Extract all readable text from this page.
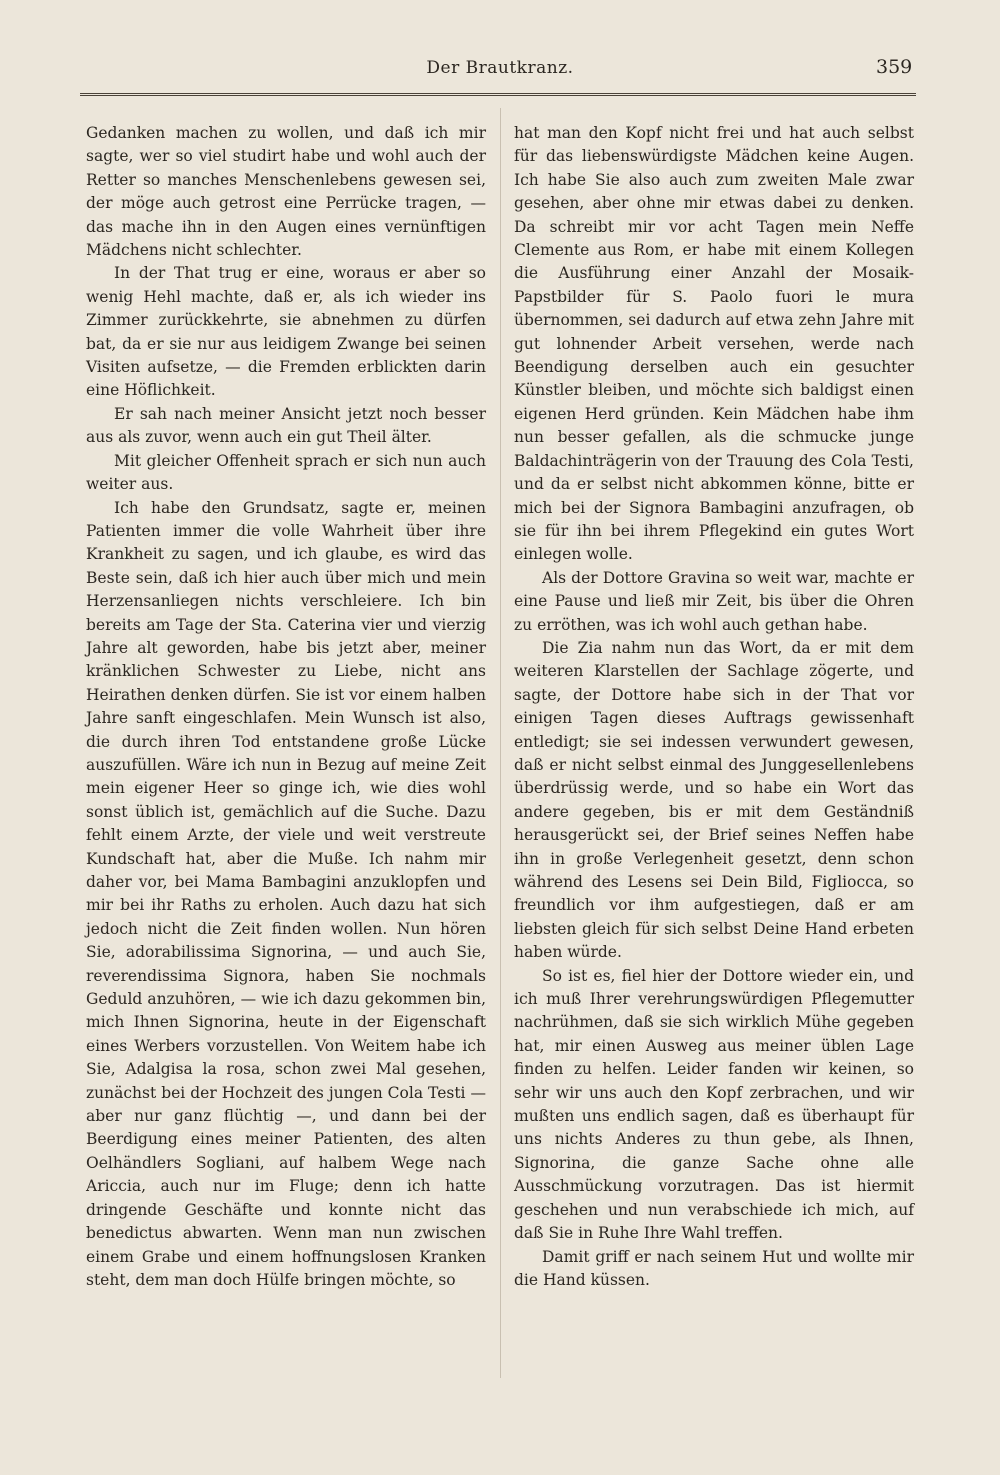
Der Brautkranz.	359

Gedanken machen zu wollen, und daß ich mir sagte, wer so viel studirt habe und wohl auch der Retter so manches Menschenlebens gewesen sei, der möge auch getrost eine Perrücke tragen, — das mache ihn in den Augen eines vernünftigen Mädchens nicht schlechter.

In der That trug er eine, woraus er aber so wenig Hehl machte, daß er, als ich wieder ins Zimmer zurückkehrte, sie abnehmen zu dürfen bat, da er sie nur aus leidigem Zwange bei seinen Visiten aufsetze, — die Fremden erblickten darin eine Höflichkeit.

Er sah nach meiner Ansicht jetzt noch besser aus als zuvor, wenn auch ein gut Theil älter.

Mit gleicher Offenheit sprach er sich nun auch weiter aus.

Ich habe den Grundsatz, sagte er, meinen Patienten immer die volle Wahrheit über ihre Krankheit zu sagen, und ich glaube, es wird das Beste sein, daß ich hier auch über mich und mein Herzensanliegen nichts verschleiere. Ich bin bereits am Tage der Sta. Caterina vier und vierzig Jahre alt geworden, habe bis jetzt aber, meiner kränklichen Schwester zu Liebe, nicht ans Heirathen denken dürfen. Sie ist vor einem halben Jahre sanft eingeschlafen. Mein Wunsch ist also, die durch ihren Tod entstandene große Lücke auszufüllen. Wäre ich nun in Bezug auf meine Zeit mein eigener Heer so ginge ich, wie dies wohl sonst üblich ist, gemächlich auf die Suche. Dazu fehlt einem Arzte, der viele und weit verstreute Kundschaft hat, aber die Muße. Ich nahm mir daher vor, bei Mama Bambagini anzuklopfen und mir bei ihr Raths zu erholen. Auch dazu hat sich jedoch nicht die Zeit finden wollen. Nun hören Sie, adorabilissima Signorina, — und auch Sie, reverendissima Signora, haben Sie nochmals Geduld anzuhören, — wie ich dazu gekommen bin, mich Ihnen Signorina, heute in der Eigenschaft eines Werbers vorzustellen. Von Weitem habe ich Sie, Adalgisa la rosa, schon zwei Mal gesehen, zunächst bei der Hochzeit des jungen Cola Testi — aber nur ganz flüchtig —, und dann bei der Beerdigung eines meiner Patienten, des alten Oelhändlers Sogliani, auf halbem Wege nach Ariccia, auch nur im Fluge; denn ich hatte dringende Geschäfte und konnte nicht das benedictus abwarten. Wenn man nun zwischen einem Grabe und einem hoffnungslosen Kranken steht, dem man doch Hülfe bringen möchte, so

hat man den Kopf nicht frei und hat auch selbst für das liebenswürdigste Mädchen keine Augen. Ich habe Sie also auch zum zweiten Male zwar gesehen, aber ohne mir etwas dabei zu denken. Da schreibt mir vor acht Tagen mein Neffe Clemente aus Rom, er habe mit einem Kollegen die Ausführung einer Anzahl der Mosaik-Papstbilder für S. Paolo fuori le mura übernommen, sei dadurch auf etwa zehn Jahre mit gut lohnender Arbeit versehen, werde nach Beendigung derselben auch ein gesuchter Künstler bleiben, und möchte sich baldigst einen eigenen Herd gründen. Kein Mädchen habe ihm nun besser gefallen, als die schmucke junge Baldachinträgerin von der Trauung des Cola Testi, und da er selbst nicht abkommen könne, bitte er mich bei der Signora Bambagini anzufragen, ob sie für ihn bei ihrem Pflegekind ein gutes Wort einlegen wolle.

Als der Dottore Gravina so weit war, machte er eine Pause und ließ mir Zeit, bis über die Ohren zu erröthen, was ich wohl auch gethan habe.

Die Zia nahm nun das Wort, da er mit dem weiteren Klarstellen der Sachlage zögerte, und sagte, der Dottore habe sich in der That vor einigen Tagen dieses Auftrags gewissenhaft entledigt; sie sei indessen verwundert gewesen, daß er nicht selbst einmal des Junggesellenlebens überdrüssig werde, und so habe ein Wort das andere gegeben, bis er mit dem Geständniß herausgerückt sei, der Brief seines Neffen habe ihn in große Verlegenheit gesetzt, denn schon während des Lesens sei Dein Bild, Figliocca, so freundlich vor ihm aufgestiegen, daß er am liebsten gleich für sich selbst Deine Hand erbeten haben würde.

So ist es, fiel hier der Dottore wieder ein, und ich muß Ihrer verehrungswürdigen Pflegemutter nachrühmen, daß sie sich wirklich Mühe gegeben hat, mir einen Ausweg aus meiner üblen Lage finden zu helfen. Leider fanden wir keinen, so sehr wir uns auch den Kopf zerbrachen, und wir mußten uns endlich sagen, daß es überhaupt für uns nichts Anderes zu thun gebe, als Ihnen, Signorina, die ganze Sache ohne alle Ausschmückung vorzutragen. Das ist hiermit geschehen und nun verabschiede ich mich, auf daß Sie in Ruhe Ihre Wahl treffen.

Damit griff er nach seinem Hut und wollte mir die Hand küssen.
